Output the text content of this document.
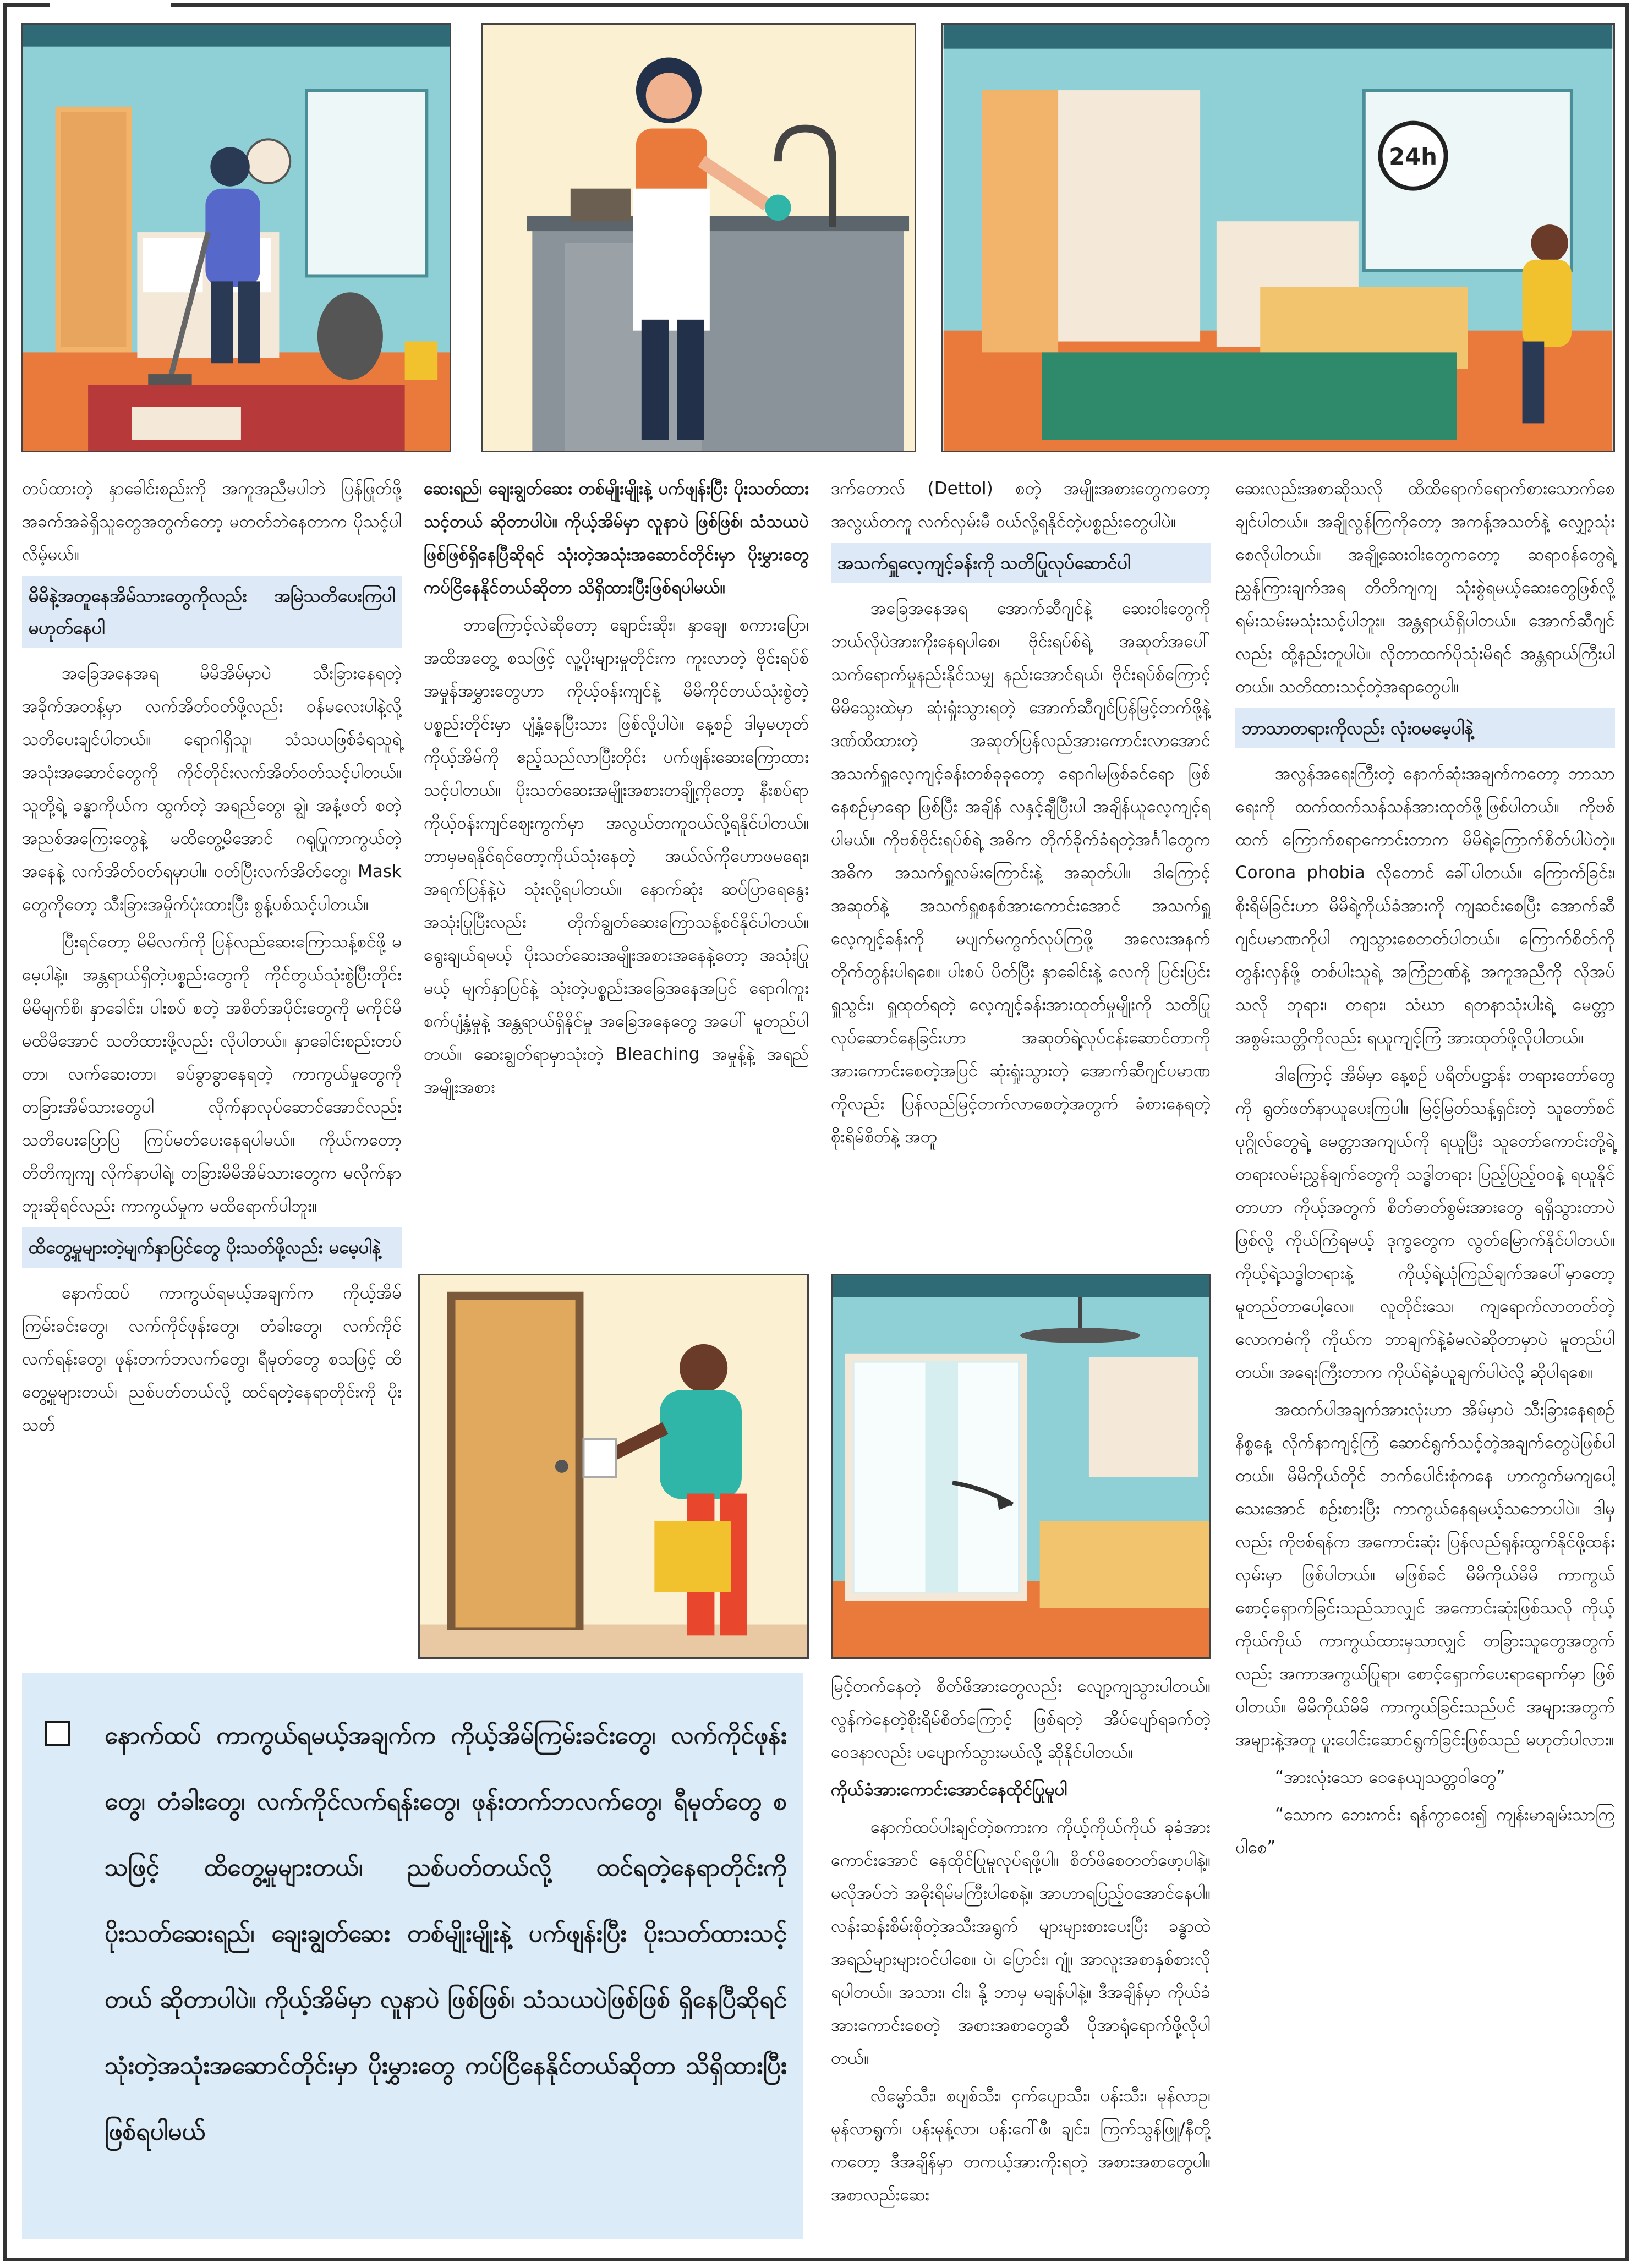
24h

တပ်ထားတဲ့ နှာခေါင်းစည်းကို အကူအညီမပါဘဲ ပြန်ဖြုတ်ဖို့ အခက်အခဲရှိသူတွေအတွက်တော့ မတတ်ဘဲနေတာက ပိုသင့်ပါလိမ့်မယ်။

မိမိနဲ့အတူနေအိမ်သားတွေကိုလည်း အမြဲသတိပေးကြပါမဟုတ်နေပါ

အခြေအနေအရ မိမိအိမ်မှာပဲ သီးခြားနေရတဲ့ အခိုက်အတန့်မှာ လက်အိတ်ဝတ်ဖို့လည်း ဝန်မလေးပါနဲ့လို့ သတိပေးချင်ပါတယ်။ ရောဂါရှိသူ၊ သံသယဖြစ်ခံရသူရဲ့ အသုံးအဆောင်တွေကို ကိုင်တိုင်းလက်အိတ်ဝတ်သင့်ပါတယ်။ သူတို့ရဲ့ ခန္ဓာကိုယ်က ထွက်တဲ့ အရည်တွေ၊ ချွဲ၊ အနံ့ဖတ် စတဲ့ အညစ်အကြေးတွေနဲ့ မထိတွေ့မိအောင် ဂရုပြုကာကွယ်တဲ့ အနေနဲ့ လက်အိတ်ဝတ်ရမှာပါ။ ဝတ်ပြီးလက်အိတ်တွေ၊ Mask တွေကိုတော့ သီးခြားအမှိုက်ပုံးထားပြီး စွန့်ပစ်သင့်ပါတယ်။

ပြီးရင်တော့ မိမိလက်ကို ပြန်လည်ဆေးကြောသန့်စင်ဖို့ မမေ့ပါနဲ့။ အန္တရာယ်ရှိတဲ့ပစ္စည်းတွေကို ကိုင်တွယ်သုံးစွဲပြီးတိုင်း မိမိမျက်စိ၊ နှာခေါင်း၊ ပါးစပ် စတဲ့ အစိတ်အပိုင်းတွေကို မကိုင်မိ မထိမိအောင် သတိထားဖို့လည်း လိုပါတယ်။ နှာခေါင်းစည်းတပ်တာ၊ လက်ဆေးတာ၊ ခပ်ခွာခွာနေရတဲ့ ကာကွယ်မှုတွေကို တခြားအိမ်သားတွေပါ လိုက်နာလုပ်ဆောင်အောင်လည်း သတိပေးပြောပြ ကြပ်မတ်ပေးနေရပါမယ်။ ကိုယ်ကတော့ တိတိကျကျ လိုက်နာပါရဲ့၊ တခြားမိမိအိမ်သားတွေက မလိုက်နာဘူးဆိုရင်လည်း ကာကွယ်မှုက မထိရောက်ပါဘူး။

ထိတွေ့မှုများတဲ့မျက်နှာပြင်တွေ ပိုးသတ်ဖို့လည်း မမေ့ပါနဲ့

နောက်ထပ် ကာကွယ်ရမယ့်အချက်က ကိုယ့်အိမ်ကြမ်းခင်းတွေ၊ လက်ကိုင်ဖုန်းတွေ၊ တံခါးတွေ၊ လက်ကိုင်လက်ရန်းတွေ၊ ဖုန်းတက်ဘလက်တွေ၊ ရီမုတ်တွေ စသဖြင့် ထိတွေ့မှုများတယ်၊ ညစ်ပတ်တယ်လို့ ထင်ရတဲ့နေရာတိုင်းကို ပိုးသတ်

ဆေးရည်၊ ချေးချွတ်ဆေး တစ်မျိုးမျိုးနဲ့ ပက်ဖျန်းပြီး ပိုးသတ်ထားသင့်တယ် ဆိုတာပါပဲ။ ကိုယ့်အိမ်မှာ လူနာပဲ ဖြစ်ဖြစ်၊ သံသယပဲဖြစ်ဖြစ်ရှိနေပြီဆိုရင် သုံးတဲ့အသုံးအဆောင်တိုင်းမှာ ပိုးမွှားတွေ ကပ်ငြိနေနိုင်တယ်ဆိုတာ သိရှိထားပြီးဖြစ်ရပါမယ်။

ဘာကြောင့်လဲဆိုတော့ ချောင်းဆိုး၊ နှာချေ၊ စကားပြော၊ အထိအတွေ့ စသဖြင့် လူ့ပိုးများမှုတိုင်းက ကူးလာတဲ့ ဗိုင်းရပ်စ်အမှုန်အမွှားတွေဟာ ကိုယ့်ဝန်းကျင်နဲ့ မိမိကိုင်တယ်သုံးစွဲတဲ့ ပစ္စည်းတိုင်းမှာ ပျံ့နှံ့နေပြီးသား ဖြစ်လို့ပါပဲ။ နေ့စဉ် ဒါမှမဟုတ် ကိုယ့်အိမ်ကို ဧည့်သည်လာပြီးတိုင်း ပက်ဖျန်းဆေးကြောထားသင့်ပါတယ်။ ပိုးသတ်ဆေးအမျိုးအစားတချို့ကိုတော့ နီးစပ်ရာကိုယ့်ဝန်းကျင်ဈေးကွက်မှာ အလွယ်တကူဝယ်လို့ရနိုင်ပါတယ်။ ဘာမှမရနိုင်ရင်တော့ကိုယ်သုံးနေတဲ့ အယ်လ်ကိုဟောဖမရေး၊ အရက်ပြန်နဲ့ပဲ သုံးလို့ရပါတယ်။ နောက်ဆုံး ဆပ်ပြာရေနွေးအသုံးပြုပြီးလည်း တိုက်ချွတ်ဆေးကြောသန့်စင်နိုင်ပါတယ်။ ရွေးချယ်ရမယ့် ပိုးသတ်ဆေးအမျိုးအစားအနေနဲ့တော့ အသုံးပြုမယ့် မျက်နှာပြင်နဲ့ သုံးတဲ့ပစ္စည်းအခြေအနေအပြင် ရောဂါကူးစက်ပျံ့နှံ့မှုနဲ့ အန္တရာယ်ရှိနိုင်မှု အခြေအနေတွေ အပေါ် မူတည်ပါတယ်။ ဆေးချွတ်ရာမှာသုံးတဲ့ Bleaching အမှုန့်နဲ့ အရည်အမျိုးအစား

ဒက်တောလ် (Dettol) စတဲ့ အမျိုးအစားတွေကတော့ အလွယ်တကူ လက်လှမ်းမီ ဝယ်လို့ရနိုင်တဲ့ပစ္စည်းတွေပါပဲ။

အသက်ရှူလေ့ကျင့်ခန်းကို သတိပြုလုပ်ဆောင်ပါ

အခြေအနေအရ အောက်ဆီဂျင်နဲ့ ဆေးဝါးတွေကို ဘယ်လိုပဲအားကိုးနေရပါစေ၊ ဗိုင်းရပ်စ်ရဲ့ အဆုတ်အပေါ် သက်ရောက်မှုနည်းနိုင်သမျှ နည်းအောင်ရယ်၊ ဗိုင်းရပ်စ်ကြောင့် မိမိသွေးထဲမှာ ဆုံးရှုံးသွားရတဲ့ အောက်ဆီဂျင်ပြန်မြင့်တက်ဖို့နဲ့ ဒဏ်ထိထားတဲ့ အဆုတ်ပြန်လည်အားကောင်းလာအောင် အသက်ရှူလေ့ကျင့်ခန်းတစ်ခုခုတော့ ရောဂါမဖြစ်ခင်ရော ဖြစ်နေစဉ်မှာရော ဖြစ်ပြီး အချိန် လနှင့်ချီပြီးပါ အချိန်ယူလေ့ကျင့်ရပါမယ်။ ကိုဗစ်ဗိုင်းရပ်စ်ရဲ့ အဓိက တိုက်ခိုက်ခံရတဲ့အင်္ဂါတွေက အဓိက အသက်ရှူလမ်းကြောင်းနဲ့ အဆုတ်ပါ။ ဒါကြောင့် အဆုတ်နဲ့ အသက်ရှူစနစ်အားကောင်းအောင် အသက်ရှူလေ့ကျင့်ခန်းကို မပျက်မကွက်လုပ်ကြဖို့ အလေးအနက် တိုက်တွန်းပါရစေ။ ပါးစပ် ပိတ်ပြီး နှာခေါင်းနဲ့ လေကို ပြင်းပြင်းရှူသွင်း၊ ရှူထုတ်ရတဲ့ လေ့ကျင့်ခန်းအားထုတ်မှုမျိုးကို သတိပြုလုပ်ဆောင်နေခြင်းဟာ အဆုတ်ရဲ့လုပ်ငန်းဆောင်တာကို အားကောင်းစေတဲ့အပြင် ဆုံးရှုံးသွားတဲ့ အောက်ဆီဂျင်ပမာဏကိုလည်း ပြန်လည်မြင့်တက်လာစေတဲ့အတွက် ခံစားနေရတဲ့ စိုးရိမ်စိတ်နဲ့ အတူ

မြင့်တက်နေတဲ့ စိတ်ဖိအားတွေလည်း လျော့ကျသွားပါတယ်။ လွန်ကဲနေတဲ့စိုးရိမ်စိတ်ကြောင့် ဖြစ်ရတဲ့ အိပ်ပျော်ရခက်တဲ့ဝေဒနာလည်း ပပျောက်သွားမယ်လို့ ဆိုနိုင်ပါတယ်။

ကိုယ်ခံအားကောင်းအောင်နေထိုင်ပြုမူပါ

နောက်ထပ်ပါးချင်တဲ့စကားက ကိုယ့်ကိုယ်ကိုယ် ခုခံအားကောင်းအောင် နေထိုင်ပြုမူလုပ်ရဖို့ပါ။ စိတ်ဖိစေတတ်ဖော့ပါနဲ့။ မလိုအပ်ဘဲ အဓိုးရိမ်မကြီးပါစေနဲ့။ အာဟာရပြည့်ဝအောင်နေပါ။ လန်းဆန်းစိမ်းစိုတဲ့အသီးအရွက် များများစားပေးပြီး ခန္ဓာထဲ အရည်များများဝင်ပါစေ။ ပဲ၊ ပြောင်း၊ ဂျုံ၊ အာလူးအစာနှစ်စားလိုရပါတယ်။ အသား၊ ငါး၊ နို့ ဘာမှ မချန်ပါနဲ့။ ဒီအချိန်မှာ ကိုယ်ခံအားကောင်းစေတဲ့ အစားအစာတွေဆီ ပိုအာရုံရောက်ဖို့လိုပါတယ်။

လိမ္မော်သီး၊ စပျစ်သီး၊ ငှက်ပျောသီး၊ ပန်းသီး၊ မုန်လာဥ၊ မုန်လာရွက်၊ ပန်းမုန့်လာ၊ ပန်းဂေါ်ဖီ၊ ချင်း၊ ကြက်သွန်ဖြူ/နီတို့ကတော့ ဒီအချိန်မှာ တကယ့်အားကိုးရတဲ့ အစားအစာတွေပါ။ အစာလည်းဆေး

ဆေးလည်းအစာဆိုသလို ထိထိရောက်ရောက်စားသောက်စေချင်ပါတယ်။ အချိုလွန်ကြကိုတော့ အကန့်အသတ်နဲ့ လျှော့သုံးစေလိုပါတယ်။ အချို့ဆေးဝါးတွေကတော့ ဆရာဝန်တွေရဲ့ ညွှန်ကြားချက်အရ တိတိကျကျ သုံးစွဲရမယ့်ဆေးတွေဖြစ်လို့ ရမ်းသမ်းမသုံးသင့်ပါဘူး။ အန္တရာယ်ရှိပါတယ်။ အောက်ဆီဂျင်လည်း ထို့နည်းတူပါပဲ။ လိုတာထက်ပိုသုံးမိရင် အန္တရာယ်ကြီးပါတယ်။ သတိထားသင့်တဲ့အရာတွေပါ။

ဘာသာတရားကိုလည်း လုံးဝမမေ့ပါနဲ့

အလွန်အရေးကြီးတဲ့ နောက်ဆုံးအချက်ကတော့ ဘာသာရေးကို ထက်ထက်သန်သန်အားထုတ်ဖို့ဖြစ်ပါတယ်။ ကိုဗစ်ထက် ကြောက်စရာကောင်းတာက မိမိရဲ့ကြောက်စိတ်ပါပဲတဲ့။ Corona phobia လိုတောင် ခေါ်ပါတယ်။ ကြောက်ခြင်း၊ စိုးရိမ်ခြင်းဟာ မိမိရဲ့ကိုယ်ခံအားကို ကျဆင်းစေပြီး အောက်ဆီဂျင်ပမာဏကိုပါ ကျသွားစေတတ်ပါတယ်။ ကြောက်စိတ်ကိုတွန်းလှန်ဖို့ တစ်ပါးသူရဲ့ အကြံဉာဏ်နဲ့ အကူအညီကို လိုအပ်သလို ဘုရား၊ တရား၊ သံဃာ ရတနာသုံးပါးရဲ့ မေတ္တာအစွမ်းသတ္တိကိုလည်း ရယူကျင့်ကြံ အားထုတ်ဖို့လိုပါတယ်။

ဒါကြောင့် အိမ်မှာ နေ့စဉ် ပရိတ်ပဋ္ဌာန်း တရားတော်တွေကို ရွတ်ဖတ်နာယူပေးကြပါ။ မြင့်မြတ်သန့်ရှင်းတဲ့ သူတော်စင်ပုဂ္ဂိုလ်တွေရဲ့ မေတ္တာအကျယ်ကို ရယူပြီး သူတော်ကောင်းတို့ရဲ့ တရားလမ်းညွှန်ချက်တွေကို သဒ္ဓါတရား ပြည့်ပြည့်ဝဝနဲ့ ရယူနိုင်တာဟာ ကိုယ့်အတွက် စိတ်ဓာတ်စွမ်းအားတွေ ရရှိသွားတာပဲဖြစ်လို့ ကိုယ်ကြံရမယ့် ဒုက္ခတွေက လွတ်မြောက်နိုင်ပါတယ်။ ကိုယ့်ရဲ့သဒ္ဓါတရားနဲ့ ကိုယ့်ရဲ့ယုံကြည်ချက်အပေါ်မှာတော့ မူတည်တာပေါ့လေ။ လူတိုင်းသေ၊ ကျရောက်လာတတ်တဲ့ လောကဓံကို ကိုယ်က ဘာချက်နဲ့ခံမလဲဆိုတာမှာပဲ မူတည်ပါတယ်။ အရေးကြီးတာက ကိုယ်ရဲ့ခံယူချက်ပါပဲလို့ ဆိုပါရစေ။

အထက်ပါအချက်အားလုံးဟာ အိမ်မှာပဲ သီးခြားနေရစဉ် နိစ္စနေ့ လိုက်နာကျင့်ကြံ ဆောင်ရွက်သင့်တဲ့အချက်တွေပဲဖြစ်ပါတယ်။ မိမိကိုယ်တိုင် ဘက်ပေါင်းစုံကနေ ဟာကွက်မကျပေါ့သေးအောင် စဉ်းစားပြီး ကာကွယ်နေရမယ့်သဘောပါပဲ။ ဒါမှလည်း ကိုဗစ်ရန်က အကောင်းဆုံး ပြန်လည်ရုန်းထွက်နိုင်ဖို့ထန်းလှမ်းမှာ ဖြစ်ပါတယ်။ မဖြစ်ခင် မိမိကိုယ်မိမိ ကာကွယ်စောင့်ရှောက်ခြင်းသည်သာလျှင် အကောင်းဆုံးဖြစ်သလို ကိုယ့်ကိုယ်ကိုယ် ကာကွယ်ထားမှသာလျှင် တခြားသူတွေအတွက်လည်း အကာအကွယ်ပြုရာ၊ စောင့်ရှောက်ပေးရာရောက်မှာ ဖြစ်ပါတယ်။ မိမိကိုယ်မိမိ ကာကွယ်ခြင်းသည်ပင် အများအတွက် အများနဲ့အတူ ပူးပေါင်းဆောင်ရွက်ခြင်းဖြစ်သည် မဟုတ်ပါလား။

“အားလုံးသော ဝေနေယျသတ္တဝါတွေ”

“သောက ဘေးကင်း ရန်ကွာဝေး၍ ကျန်းမာချမ်းသာကြပါစေ”

နောက်ထပ် ကာကွယ်ရမယ့်အချက်က ကိုယ့်အိမ်ကြမ်းခင်းတွေ၊ လက်ကိုင်ဖုန်းတွေ၊ တံခါးတွေ၊ လက်ကိုင်လက်ရန်းတွေ၊ ဖုန်းတက်ဘလက်တွေ၊ ရီမုတ်တွေ စသဖြင့် ထိတွေ့မှုများတယ်၊ ညစ်ပတ်တယ်လို့ ထင်ရတဲ့နေရာတိုင်းကို ပိုးသတ်ဆေးရည်၊ ချေးချွတ်ဆေး တစ်မျိုးမျိုးနဲ့ ပက်ဖျန်းပြီး ပိုးသတ်ထားသင့်တယ် ဆိုတာပါပဲ။ ကိုယ့်အိမ်မှာ လူနာပဲ ဖြစ်ဖြစ်၊ သံသယပဲဖြစ်ဖြစ် ရှိနေပြီဆိုရင် သုံးတဲ့အသုံးအဆောင်တိုင်းမှာ ပိုးမွှားတွေ ကပ်ငြိနေနိုင်တယ်ဆိုတာ သိရှိထားပြီးဖြစ်ရပါမယ်
